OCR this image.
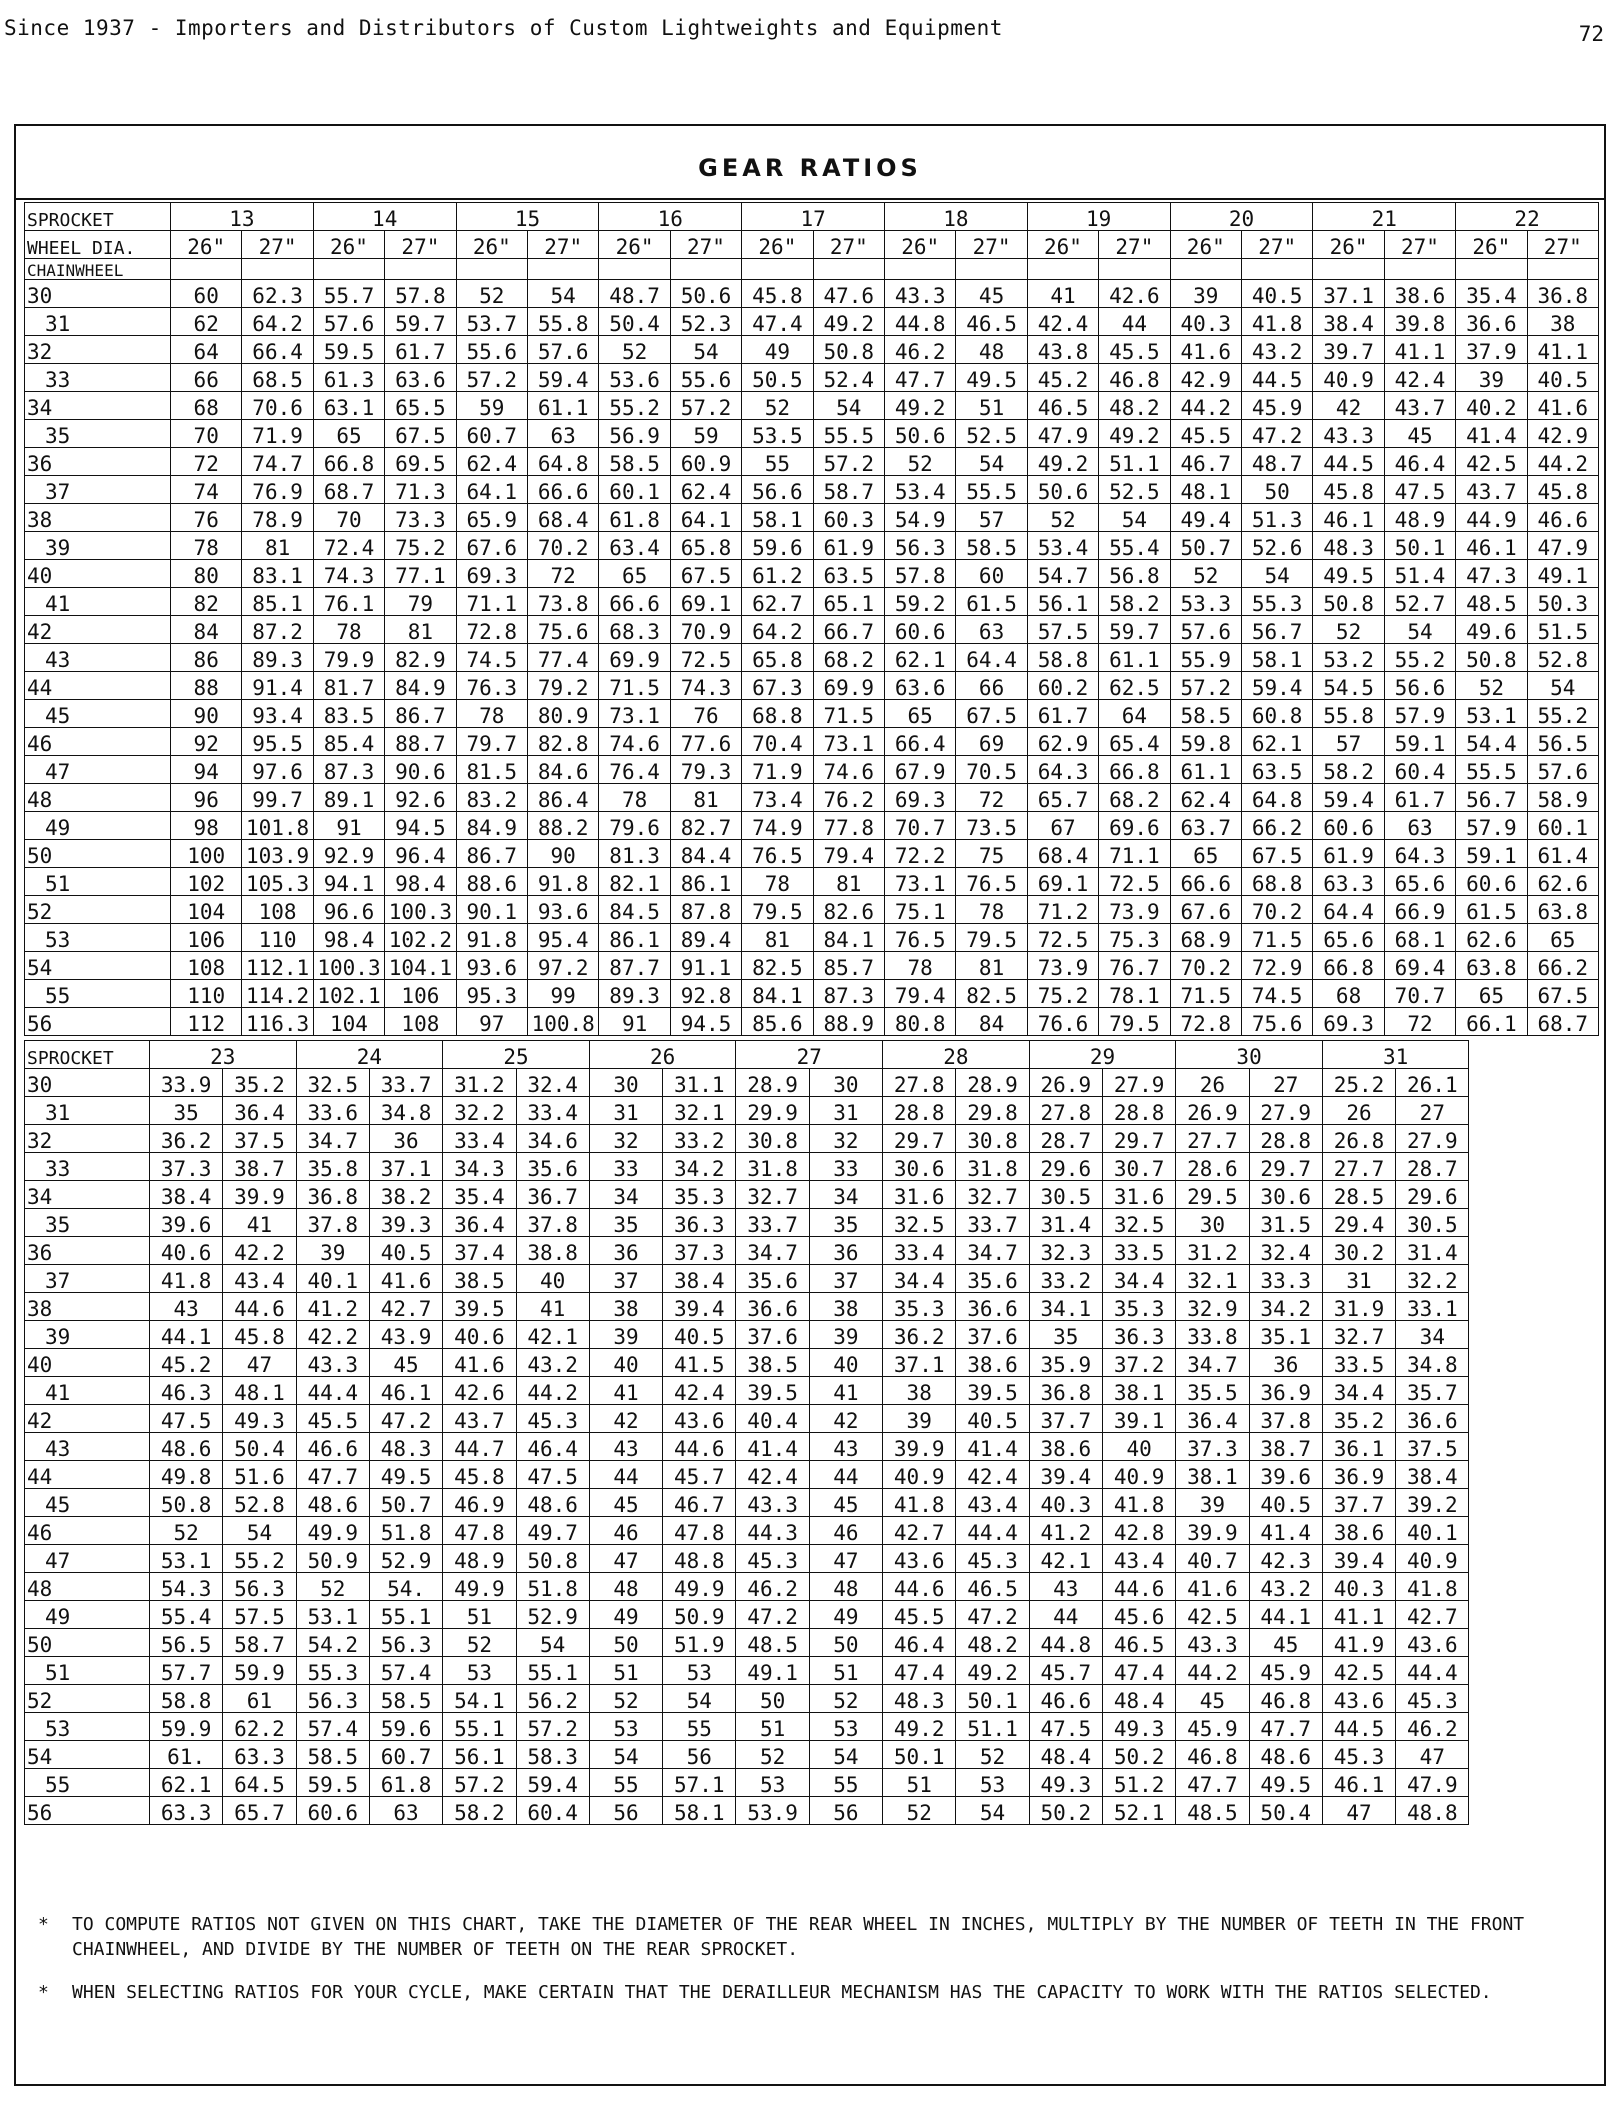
Since 1937 - Importers and Distributors of Custom Lightweights and Equipment	72
GEAR RATIOS
SPROCKET	13		14		15		16		17		18		19		20		21		22	
WHEEL DIA.	26"	27"	26"	27"	26"	27"	26"	27"	26"	27"	26"	27"	26"	27"	26"	27"	26"	27"	26"	27"
CHAINWHEEL																				
30	60	62.3	55.7	57.8	52	54	48.7	50.6	45.8	47.6	43.3	45	41	42.6	39	40.5	37.1	38.6	35.4	36.8
31	62	64.2	57.6	59.7	53.7	55.8	50.4	52.3	47.4	49.2	44.8	46.5	42.4	44	40.3	41.8	38.4	39.8	36.6	38
32	64	66.4	59.5	61.7	55.6	57.6	52	54	49	50.8	46.2	48	43.8	45.5	41.6	43.2	39.7	41.1	37.9	41.1
33	66	68.5	61.3	63.6	57.2	59.4	53.6	55.6	50.5	52.4	47.7	49.5	45.2	46.8	42.9	44.5	40.9	42.4	39	40.5
34	68	70.6	63.1	65.5	59	61.1	55.2	57.2	52	54	49.2	51	46.5	48.2	44.2	45.9	42	43.7	40.2	41.6
35	70	71.9	65	67.5	60.7	63	56.9	59	53.5	55.5	50.6	52.5	47.9	49.2	45.5	47.2	43.3	45	41.4	42.9
36	72	74.7	66.8	69.5	62.4	64.8	58.5	60.9	55	57.2	52	54	49.2	51.1	46.7	48.7	44.5	46.4	42.5	44.2
37	74	76.9	68.7	71.3	64.1	66.6	60.1	62.4	56.6	58.7	53.4	55.5	50.6	52.5	48.1	50	45.8	47.5	43.7	45.8
38	76	78.9	70	73.3	65.9	68.4	61.8	64.1	58.1	60.3	54.9	57	52	54	49.4	51.3	46.1	48.9	44.9	46.6
39	78	81	72.4	75.2	67.6	70.2	63.4	65.8	59.6	61.9	56.3	58.5	53.4	55.4	50.7	52.6	48.3	50.1	46.1	47.9
40	80	83.1	74.3	77.1	69.3	72	65	67.5	61.2	63.5	57.8	60	54.7	56.8	52	54	49.5	51.4	47.3	49.1
41	82	85.1	76.1	79	71.1	73.8	66.6	69.1	62.7	65.1	59.2	61.5	56.1	58.2	53.3	55.3	50.8	52.7	48.5	50.3
42	84	87.2	78	81	72.8	75.6	68.3	70.9	64.2	66.7	60.6	63	57.5	59.7	57.6	56.7	52	54	49.6	51.5
43	86	89.3	79.9	82.9	74.5	77.4	69.9	72.5	65.8	68.2	62.1	64.4	58.8	61.1	55.9	58.1	53.2	55.2	50.8	52.8
44	88	91.4	81.7	84.9	76.3	79.2	71.5	74.3	67.3	69.9	63.6	66	60.2	62.5	57.2	59.4	54.5	56.6	52	54
45	90	93.4	83.5	86.7	78	80.9	73.1	76	68.8	71.5	65	67.5	61.7	64	58.5	60.8	55.8	57.9	53.1	55.2
46	92	95.5	85.4	88.7	79.7	82.8	74.6	77.6	70.4	73.1	66.4	69	62.9	65.4	59.8	62.1	57	59.1	54.4	56.5
47	94	97.6	87.3	90.6	81.5	84.6	76.4	79.3	71.9	74.6	67.9	70.5	64.3	66.8	61.1	63.5	58.2	60.4	55.5	57.6
48	96	99.7	89.1	92.6	83.2	86.4	78	81	73.4	76.2	69.3	72	65.7	68.2	62.4	64.8	59.4	61.7	56.7	58.9
49	98	101.8	91	94.5	84.9	88.2	79.6	82.7	74.9	77.8	70.7	73.5	67	69.6	63.7	66.2	60.6	63	57.9	60.1
50	100	103.9	92.9	96.4	86.7	90	81.3	84.4	76.5	79.4	72.2	75	68.4	71.1	65	67.5	61.9	64.3	59.1	61.4
51	102	105.3	94.1	98.4	88.6	91.8	82.1	86.1	78	81	73.1	76.5	69.1	72.5	66.6	68.8	63.3	65.6	60.6	62.6
52	104	108	96.6	100.3	90.1	93.6	84.5	87.8	79.5	82.6	75.1	78	71.2	73.9	67.6	70.2	64.4	66.9	61.5	63.8
53	106	110	98.4	102.2	91.8	95.4	86.1	89.4	81	84.1	76.5	79.5	72.5	75.3	68.9	71.5	65.6	68.1	62.6	65
54	108	112.1	100.3	104.1	93.6	97.2	87.7	91.1	82.5	85.7	78	81	73.9	76.7	70.2	72.9	66.8	69.4	63.8	66.2
55	110	114.2	102.1	106	95.3	99	89.3	92.8	84.1	87.3	79.4	82.5	75.2	78.1	71.5	74.5	68	70.7	65	67.5
56	112	116.3	104	108	97	100.8	91	94.5	85.6	88.9	80.8	84	76.6	79.5	72.8	75.6	69.3	72	66.1	68.7
SPROCKET	23		24		25		26		27		28		29		30		31	
30	33.9	35.2	32.5	33.7	31.2	32.4	30	31.1	28.9	30	27.8	28.9	26.9	27.9	26	27	25.2	26.1
31	35	36.4	33.6	34.8	32.2	33.4	31	32.1	29.9	31	28.8	29.8	27.8	28.8	26.9	27.9	26	27
32	36.2	37.5	34.7	36	33.4	34.6	32	33.2	30.8	32	29.7	30.8	28.7	29.7	27.7	28.8	26.8	27.9
33	37.3	38.7	35.8	37.1	34.3	35.6	33	34.2	31.8	33	30.6	31.8	29.6	30.7	28.6	29.7	27.7	28.7
34	38.4	39.9	36.8	38.2	35.4	36.7	34	35.3	32.7	34	31.6	32.7	30.5	31.6	29.5	30.6	28.5	29.6
35	39.6	41	37.8	39.3	36.4	37.8	35	36.3	33.7	35	32.5	33.7	31.4	32.5	30	31.5	29.4	30.5
36	40.6	42.2	39	40.5	37.4	38.8	36	37.3	34.7	36	33.4	34.7	32.3	33.5	31.2	32.4	30.2	31.4
37	41.8	43.4	40.1	41.6	38.5	40	37	38.4	35.6	37	34.4	35.6	33.2	34.4	32.1	33.3	31	32.2
38	43	44.6	41.2	42.7	39.5	41	38	39.4	36.6	38	35.3	36.6	34.1	35.3	32.9	34.2	31.9	33.1
39	44.1	45.8	42.2	43.9	40.6	42.1	39	40.5	37.6	39	36.2	37.6	35	36.3	33.8	35.1	32.7	34
40	45.2	47	43.3	45	41.6	43.2	40	41.5	38.5	40	37.1	38.6	35.9	37.2	34.7	36	33.5	34.8
41	46.3	48.1	44.4	46.1	42.6	44.2	41	42.4	39.5	41	38	39.5	36.8	38.1	35.5	36.9	34.4	35.7
42	47.5	49.3	45.5	47.2	43.7	45.3	42	43.6	40.4	42	39	40.5	37.7	39.1	36.4	37.8	35.2	36.6
43	48.6	50.4	46.6	48.3	44.7	46.4	43	44.6	41.4	43	39.9	41.4	38.6	40	37.3	38.7	36.1	37.5
44	49.8	51.6	47.7	49.5	45.8	47.5	44	45.7	42.4	44	40.9	42.4	39.4	40.9	38.1	39.6	36.9	38.4
45	50.8	52.8	48.6	50.7	46.9	48.6	45	46.7	43.3	45	41.8	43.4	40.3	41.8	39	40.5	37.7	39.2
46	52	54	49.9	51.8	47.8	49.7	46	47.8	44.3	46	42.7	44.4	41.2	42.8	39.9	41.4	38.6	40.1
47	53.1	55.2	50.9	52.9	48.9	50.8	47	48.8	45.3	47	43.6	45.3	42.1	43.4	40.7	42.3	39.4	40.9
48	54.3	56.3	52	54.	49.9	51.8	48	49.9	46.2	48	44.6	46.5	43	44.6	41.6	43.2	40.3	41.8
49	55.4	57.5	53.1	55.1	51	52.9	49	50.9	47.2	49	45.5	47.2	44	45.6	42.5	44.1	41.1	42.7
50	56.5	58.7	54.2	56.3	52	54	50	51.9	48.5	50	46.4	48.2	44.8	46.5	43.3	45	41.9	43.6
51	57.7	59.9	55.3	57.4	53	55.1	51	53	49.1	51	47.4	49.2	45.7	47.4	44.2	45.9	42.5	44.4
52	58.8	61	56.3	58.5	54.1	56.2	52	54	50	52	48.3	50.1	46.6	48.4	45	46.8	43.6	45.3
53	59.9	62.2	57.4	59.6	55.1	57.2	53	55	51	53	49.2	51.1	47.5	49.3	45.9	47.7	44.5	46.2
54	61.	63.3	58.5	60.7	56.1	58.3	54	56	52	54	50.1	52	48.4	50.2	46.8	48.6	45.3	47
55	62.1	64.5	59.5	61.8	57.2	59.4	55	57.1	53	55	51	53	49.3	51.2	47.7	49.5	46.1	47.9
56	63.3	65.7	60.6	63	58.2	60.4	56	58.1	53.9	56	52	54	50.2	52.1	48.5	50.4	47	48.8
* TO COMPUTE RATIOS NOT GIVEN ON THIS CHART, TAKE THE DIAMETER OF THE REAR WHEEL IN INCHES, MULTIPLY BY THE NUMBER OF TEETH IN THE FRONT CHAINWHEEL, AND DIVIDE BY THE NUMBER OF TEETH ON THE REAR SPROCKET.
* WHEN SELECTING RATIOS FOR YOUR CYCLE, MAKE CERTAIN THAT THE DERAILLEUR MECHANISM HAS THE CAPACITY TO WORK WITH THE RATIOS SELECTED.
